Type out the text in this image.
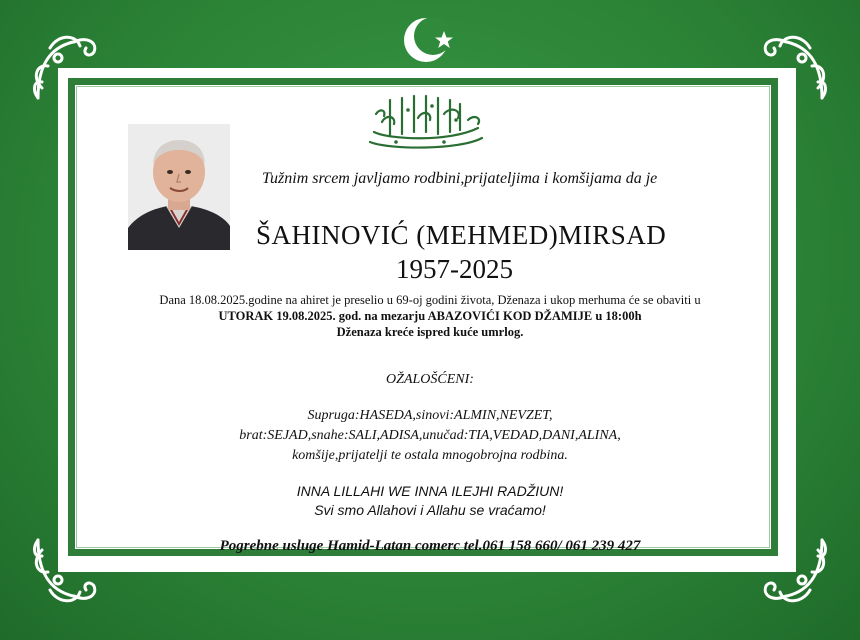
Tužnim srcem javljamo rodbini,prijateljima i komšijama da je
ŠAHINOVIĆ (MEHMED)MIRSAD
1957-2025
Dana 18.08.2025.godine na ahiret je preselio u 69-oj godini života, Dženaza i ukop merhuma će se obaviti u
UTORAK 19.08.2025. god. na mezarju ABAZOVIĆI KOD DŽAMIJE u 18:00h
Dženaza kreće ispred kuće umrlog.
OŽALOŠĆENI:
Supruga:HASEDA,sinovi:ALMIN,NEVZET,
brat:SEJAD,snahe:SALI,ADISA,unučad:TIA,VEDAD,DANI,ALINA,
komšije,prijatelji te ostala mnogobrojna rodbina.
INNA LILLAHI WE INNA ILEJHI RADŽIUN!
Svi smo Allahovi i Allahu se vraćamo!
Pogrebne usluge Hamid-Latan comerc tel.061 158 660/ 061 239 427
